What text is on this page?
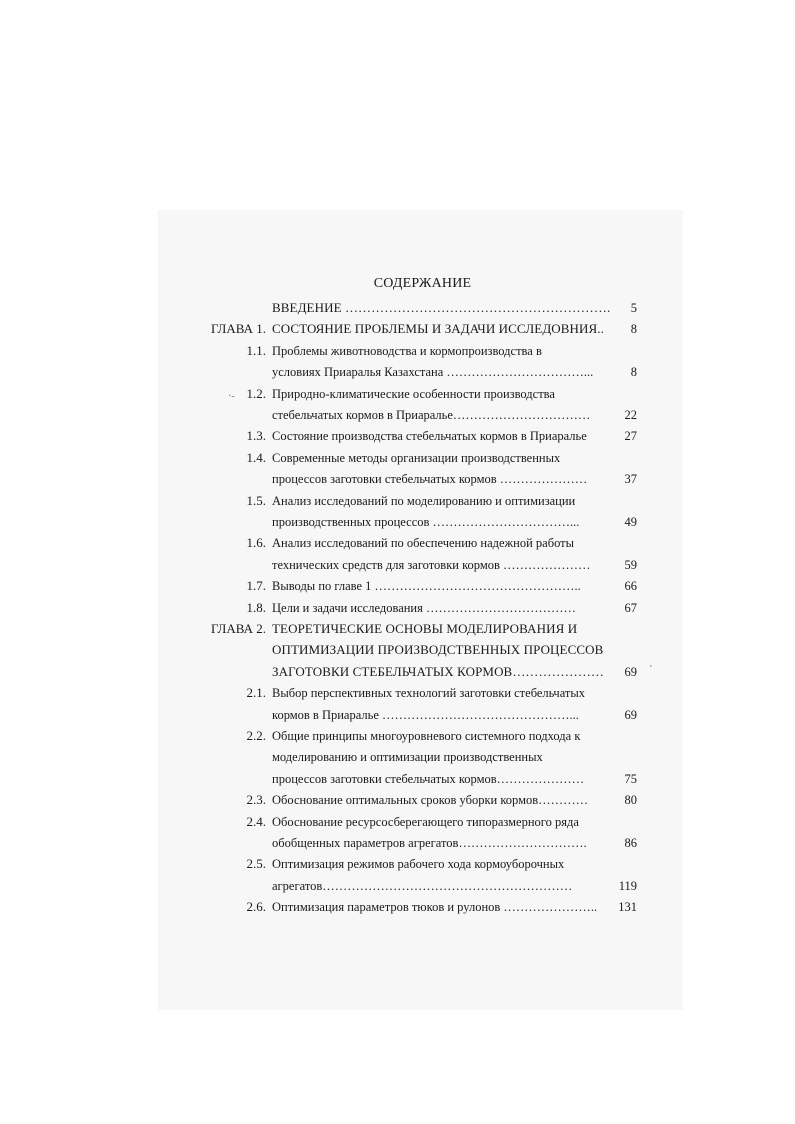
СОДЕРЖАНИЕ
ВВЕДЕНИЕ …………………………………………………….	5
ГЛАВА 1. СОСТОЯНИЕ ПРОБЛЕМЫ И ЗАДАЧИ ИССЛЕДОВНИЯ..	8
1.1. Проблемы животноводства и кормопроизводства в
условиях Приаралья Казахстана ……………………………...	8
1.2. Природно-климатические особенности производства
стебельчатых кормов в Приаралье……………………………	22
1.3. Состояние производства стебельчатых кормов в Приаралье	27
1.4. Современные методы организации производственных
процессов заготовки стебельчатых кормов …………………	37
1.5. Анализ исследований по моделированию и оптимизации
производственных процессов ……………………………...	49
1.6. Анализ исследований по обеспечению надежной работы
технических средств для заготовки кормов …………………	59
1.7. Выводы по главе 1 …………………………………………..	66
1.8. Цели и задачи исследования ………………………………	67
ГЛАВА 2. ТЕОРЕТИЧЕСКИЕ ОСНОВЫ МОДЕЛИРОВАНИЯ И
ОПТИМИЗАЦИИ ПРОИЗВОДСТВЕННЫХ ПРОЦЕССОВ
ЗАГОТОВКИ СТЕБЕЛЬЧАТЫХ КОРМОВ…………………	69
2.1. Выбор перспективных технологий заготовки стебельчатых
кормов в Приаралье ………………………………………...	69
2.2. Общие принципы многоуровневого системного подхода к
моделированию и оптимизации производственных
процессов заготовки стебельчатых кормов…………………	75
2.3. Обоснование оптимальных сроков уборки кормов…………	80
2.4. Обоснование ресурсосберегающего типоразмерного ряда
обобщенных параметров агрегатов………………………….	86
2.5. Оптимизация режимов рабочего хода кормоуборочных
агрегатов……………………………………………………	119
2.6. Оптимизация параметров тюков и рулонов …………………..	131
·-
'
